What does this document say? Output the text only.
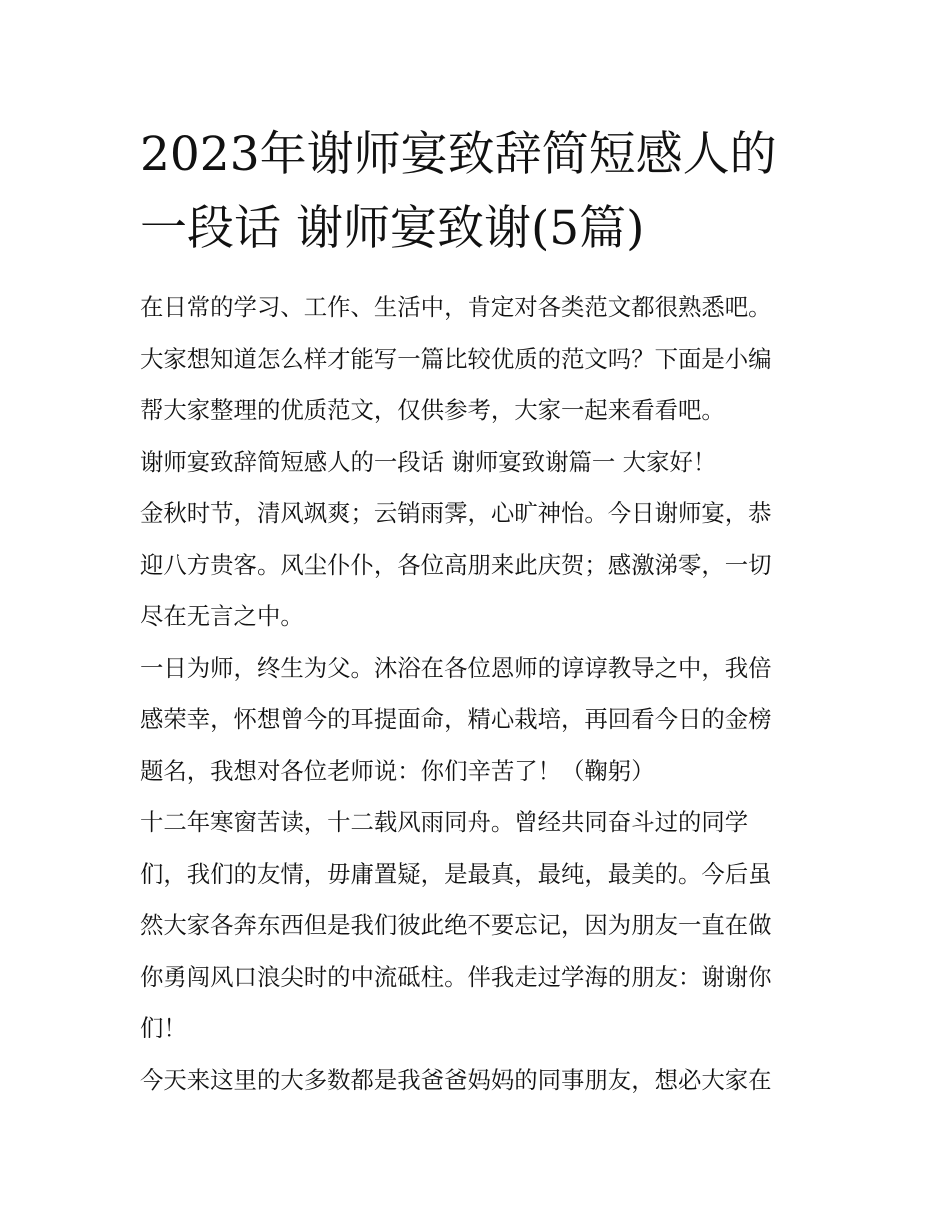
2023年谢师宴致辞简短感人的
一段话 谢师宴致谢(5篇)
在日常的学习、工作、生活中，肯定对各类范文都很熟悉吧。
大家想知道怎么样才能写一篇比较优质的范文吗？下面是小编
帮大家整理的优质范文，仅供参考，大家一起来看看吧。
谢师宴致辞简短感人的一段话 谢师宴致谢篇一 大家好！
金秋时节，清风飒爽；云销雨霁，心旷神怡。今日谢师宴，恭
迎八方贵客。风尘仆仆，各位高朋来此庆贺；感激涕零，一切
尽在无言之中。
一日为师，终生为父。沐浴在各位恩师的谆谆教导之中，我倍
感荣幸，怀想曾今的耳提面命，精心栽培，再回看今日的金榜
题名，我想对各位老师说：你们辛苦了！（鞠躬）
十二年寒窗苦读，十二载风雨同舟。曾经共同奋斗过的同学
们，我们的友情，毋庸置疑，是最真，最纯，最美的。今后虽
然大家各奔东西但是我们彼此绝不要忘记，因为朋友一直在做
你勇闯风口浪尖时的中流砥柱。伴我走过学海的朋友：谢谢你
们！
今天来这里的大多数都是我爸爸妈妈的同事朋友，想必大家在
